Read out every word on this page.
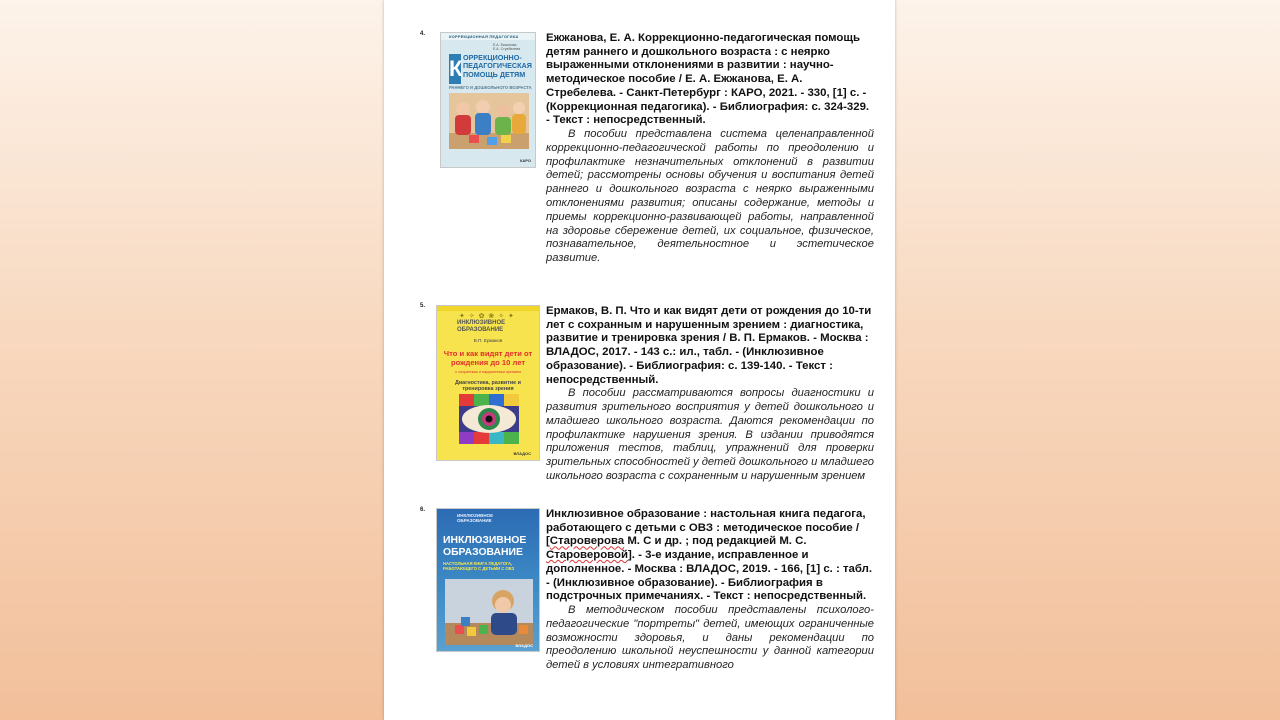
4.	КОРРЕКЦИОННАЯ ПЕДАГОГИКА
Е.А. Екжанова
Е.А. Стребелева
К ОРРЕКЦИОННО-ПЕДАГОГИЧЕСКАЯ ПОМОЩЬ ДЕТЯМ
РАННЕГО И ДОШКОЛЬНОГО ВОЗРАСТА
КАРО

Ежжанова, Е. А. Коррекционно-педагогическая помощь детям раннего и дошкольного возраста : с неярко выраженными отклонениями в развитии : научно-методическое пособие / Е. А. Ежжанова, Е. А. Стребелева. - Санкт-Петербург : КАРО, 2021. - 330, [1] с. - (Коррекционная педагогика). - Библиография: с. 324-329. - Текст : непосредственный.

В пособии представлена система целенаправленной коррекционно-педагогической работы по преодолению и профилактике незначительных отклонений в развитии детей; рассмотрены основы обучения и воспитания детей раннего и дошкольного возраста с неярко выраженными отклонениями развития; описаны содержание, методы и приемы коррекционно-развивающей работы, направленной на здоровье сбережение детей, их социальное, физическое, познавательное, деятельностное и эстетическое развитие.

5.
✦ ✧ ✿ ❀ ✧ ✦
ИНКЛЮЗИВНОЕ ОБРАЗОВАНИЕ
В.П. Ермаков
Что и как видят дети от рождения до 10 лет
с сохранным и нарушенным зрением
Диагностика, развитие и тренировка зрения
ВЛАДОС

Ермаков, В. П. Что и как видят дети от рождения до 10-ти лет с сохранным и нарушенным зрением : диагностика, развитие и тренировка зрения / В. П. Ермаков. - Москва : ВЛАДОС, 2017. - 143 с.: ил., табл. - (Инклюзивное образование). - Библиография: с. 139-140. - Текст : непосредственный.

В пособии рассматриваются вопросы диагностики и развития зрительного восприятия у детей дошкольного и младшего школьного возраста. Даются рекомендации по профилактике нарушения зрения. В издании приводятся приложения тестов, таблиц, упражнений для проверки зрительных способностей у детей дошкольного и младшего школьного возраста с сохраненным и нарушенным зрением

6.
ИНКЛЮЗИВНОЕ ОБРАЗОВАНИЕ
ИНКЛЮЗИВНОЕ ОБРАЗОВАНИЕ
НАСТОЛЬНАЯ КНИГА ПЕДАГОГА, РАБОТАЮЩЕГО С ДЕТЬМИ С ОВЗ
ВЛАДОС

Инклюзивное образование : настольная книга педагога, работающего с детьми с ОВЗ : методическое пособие / [Староверова М. С и др. ; под редакцией М. С. Староверовой]. - 3-е издание, исправленное и дополненное. - Москва : ВЛАДОС, 2019. - 166, [1] с. : табл. - (Инклюзивное образование). - Библиография в подстрочных примечаниях. - Текст : непосредственный.

В методическом пособии представлены психолого-педагогические "портреты" детей, имеющих ограниченные возможности здоровья, и даны рекомендации по преодолению школьной неуспешности у данной категории детей в условиях интегративного
